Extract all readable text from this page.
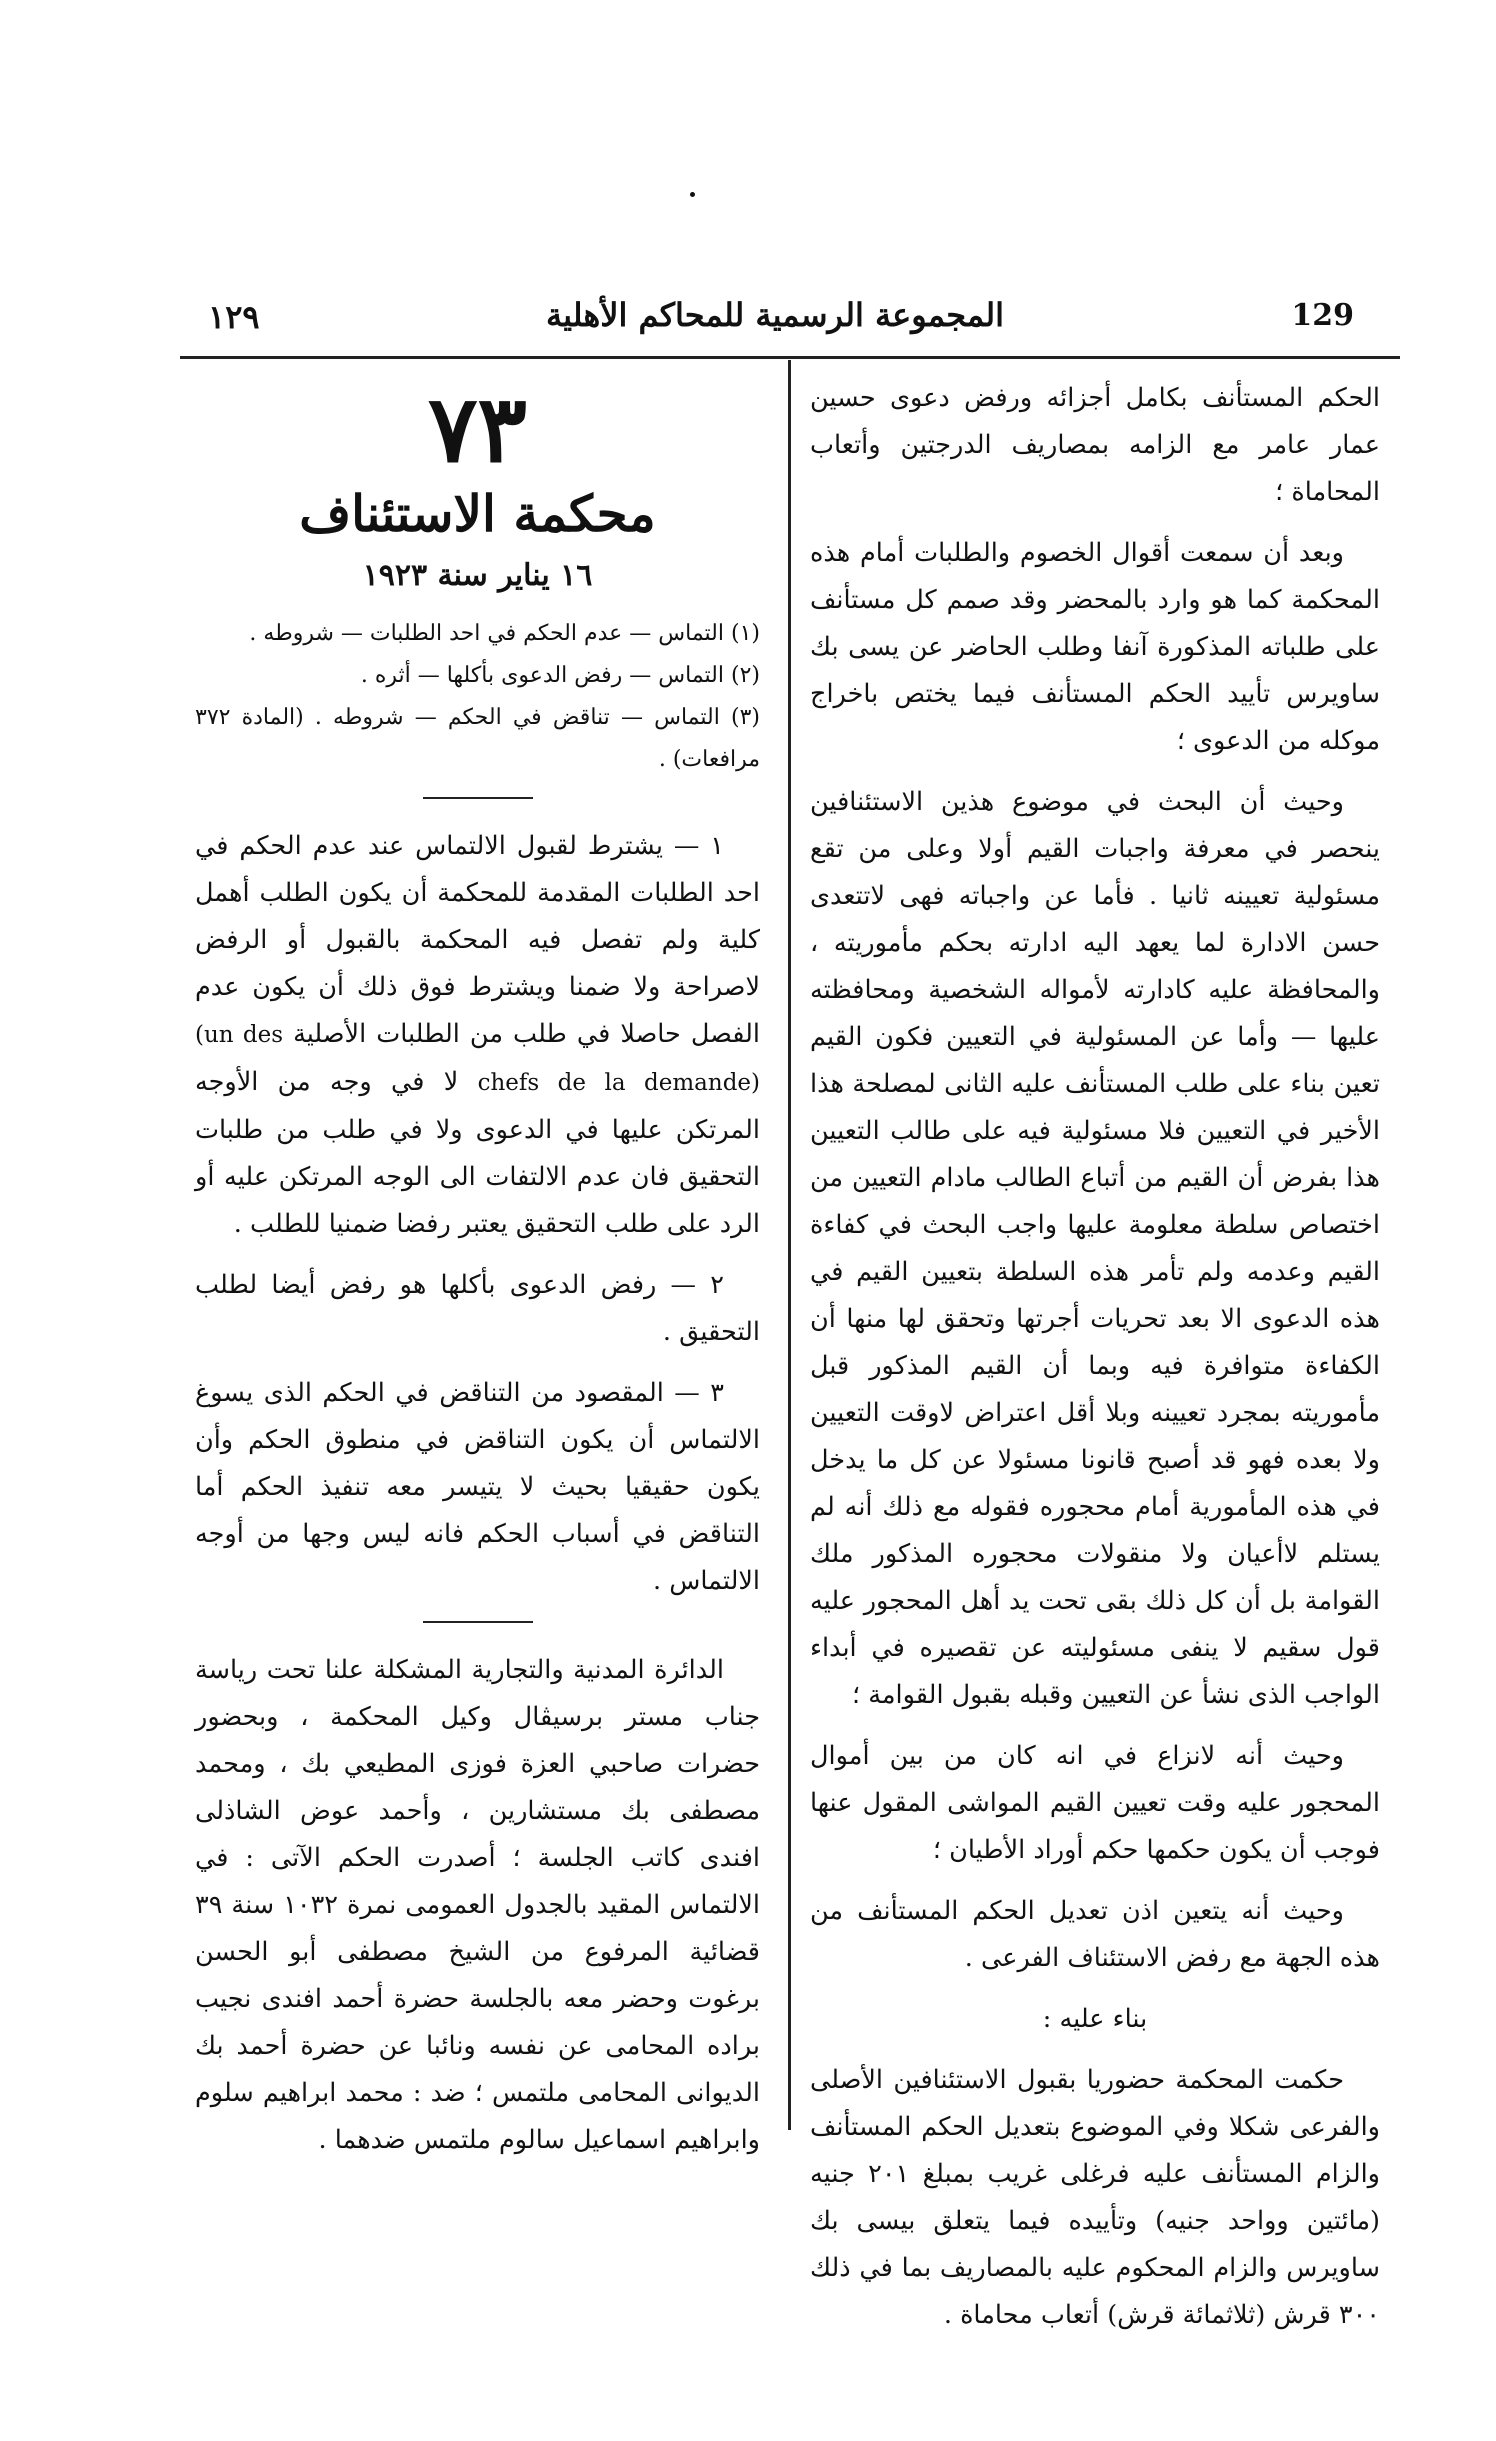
١٢٩	المجموعة الرسمية للمحاكم الأهلية	129

الحكم المستأنف بكامل أجزائه ورفض دعوى حسين عمار عامر مع الزامه بمصاريف الدرجتين وأتعاب المحاماة ؛

وبعد أن سمعت أقوال الخصوم والطلبات أمام هذه المحكمة كما هو وارد بالمحضر وقد صمم كل مستأنف على طلباته المذكورة آنفا وطلب الحاضر عن يسى بك ساويرس تأييد الحكم المستأنف فيما يختص باخراج موكله من الدعوى ؛

وحيث أن البحث في موضوع هذين الاستئنافين ينحصر في معرفة واجبات القيم أولا وعلى من تقع مسئولية تعيينه ثانيا . فأما عن واجباته فهى لاتتعدى حسن الادارة لما يعهد اليه ادارته بحكم مأموريته ، والمحافظة عليه كادارته لأمواله الشخصية ومحافظته عليها — وأما عن المسئولية في التعيين فكون القيم تعين بناء على طلب المستأنف عليه الثانى لمصلحة هذا الأخير في التعيين فلا مسئولية فيه على طالب التعيين هذا بفرض أن القيم من أتباع الطالب مادام التعيين من اختصاص سلطة معلومة عليها واجب البحث في كفاءة القيم وعدمه ولم تأمر هذه السلطة بتعيين القيم في هذه الدعوى الا بعد تحريات أجرتها وتحقق لها منها أن الكفاءة متوافرة فيه وبما أن القيم المذكور قبل مأموريته بمجرد تعيينه وبلا أقل اعتراض لاوقت التعيين ولا بعده فهو قد أصبح قانونا مسئولا عن كل ما يدخل في هذه المأمورية أمام محجوره فقوله مع ذلك أنه لم يستلم لاأعيان ولا منقولات محجوره المذكور ملك القوامة بل أن كل ذلك بقى تحت يد أهل المحجور عليه قول سقيم لا ينفى مسئوليته عن تقصيره في أبداء الواجب الذى نشأ عن التعيين وقبله بقبول القوامة ؛

وحيث أنه لانزاع في انه كان من بين أموال المحجور عليه وقت تعيين القيم المواشى المقول عنها فوجب أن يكون حكمها حكم أوراد الأطيان ؛

وحيث أنه يتعين اذن تعديل الحكم المستأنف من هذه الجهة مع رفض الاستئناف الفرعى .

بناء عليه :

حكمت المحكمة حضوريا بقبول الاستئنافين الأصلى والفرعى شكلا وفي الموضوع بتعديل الحكم المستأنف والزام المستأنف عليه فرغلى غريب بمبلغ ٢٠١ جنيه (مائتين وواحد جنيه) وتأييده فيما يتعلق بيسى بك ساويرس والزام المحكوم عليه بالمصاريف بما في ذلك ٣٠٠ قرش (ثلاثمائة قرش) أتعاب محاماة .

٧٣
محكمة الاستئناف
١٦ يناير سنة ١٩٢٣
(١) التماس — عدم الحكم في احد الطلبات — شروطه .
(٢) التماس — رفض الدعوى بأكلها — أثره .
(٣) التماس — تناقض في الحكم — شروطه . (المادة ٣٧٢ مرافعات) .

١ — يشترط لقبول الالتماس عند عدم الحكم في احد الطلبات المقدمة للمحكمة أن يكون الطلب أهمل كلية ولم تفصل فيه المحكمة بالقبول أو الرفض لاصراحة ولا ضمنا ويشترط فوق ذلك أن يكون عدم الفصل حاصلا في طلب من الطلبات الأصلية (un des chefs de la demande) لا في وجه من الأوجه المرتكن عليها في الدعوى ولا في طلب من طلبات التحقيق فان عدم الالتفات الى الوجه المرتكن عليه أو الرد على طلب التحقيق يعتبر رفضا ضمنيا للطلب .

٢ — رفض الدعوى بأكلها هو رفض أيضا لطلب التحقيق .

٣ — المقصود من التناقض في الحكم الذى يسوغ الالتماس أن يكون التناقض في منطوق الحكم وأن يكون حقيقيا بحيث لا يتيسر معه تنفيذ الحكم أما التناقض في أسباب الحكم فانه ليس وجها من أوجه الالتماس .

الدائرة المدنية والتجارية المشكلة علنا تحت رياسة جناب مستر برسيڤال وكيل المحكمة ، وبحضور حضرات صاحبي العزة فوزى المطيعي بك ، ومحمد مصطفى بك مستشارين ، وأحمد عوض الشاذلى افندى كاتب الجلسة ؛ أصدرت الحكم الآتى : في الالتماس المقيد بالجدول العمومى نمرة ١٠٣٢ سنة ٣٩ قضائية المرفوع من الشيخ مصطفى أبو الحسن برغوت وحضر معه بالجلسة حضرة أحمد افندى نجيب براده المحامى عن نفسه ونائبا عن حضرة أحمد بك الديوانى المحامى ملتمس ؛ ضد : محمد ابراهيم سلوم وابراهيم اسماعيل سالوم ملتمس ضدهما .
